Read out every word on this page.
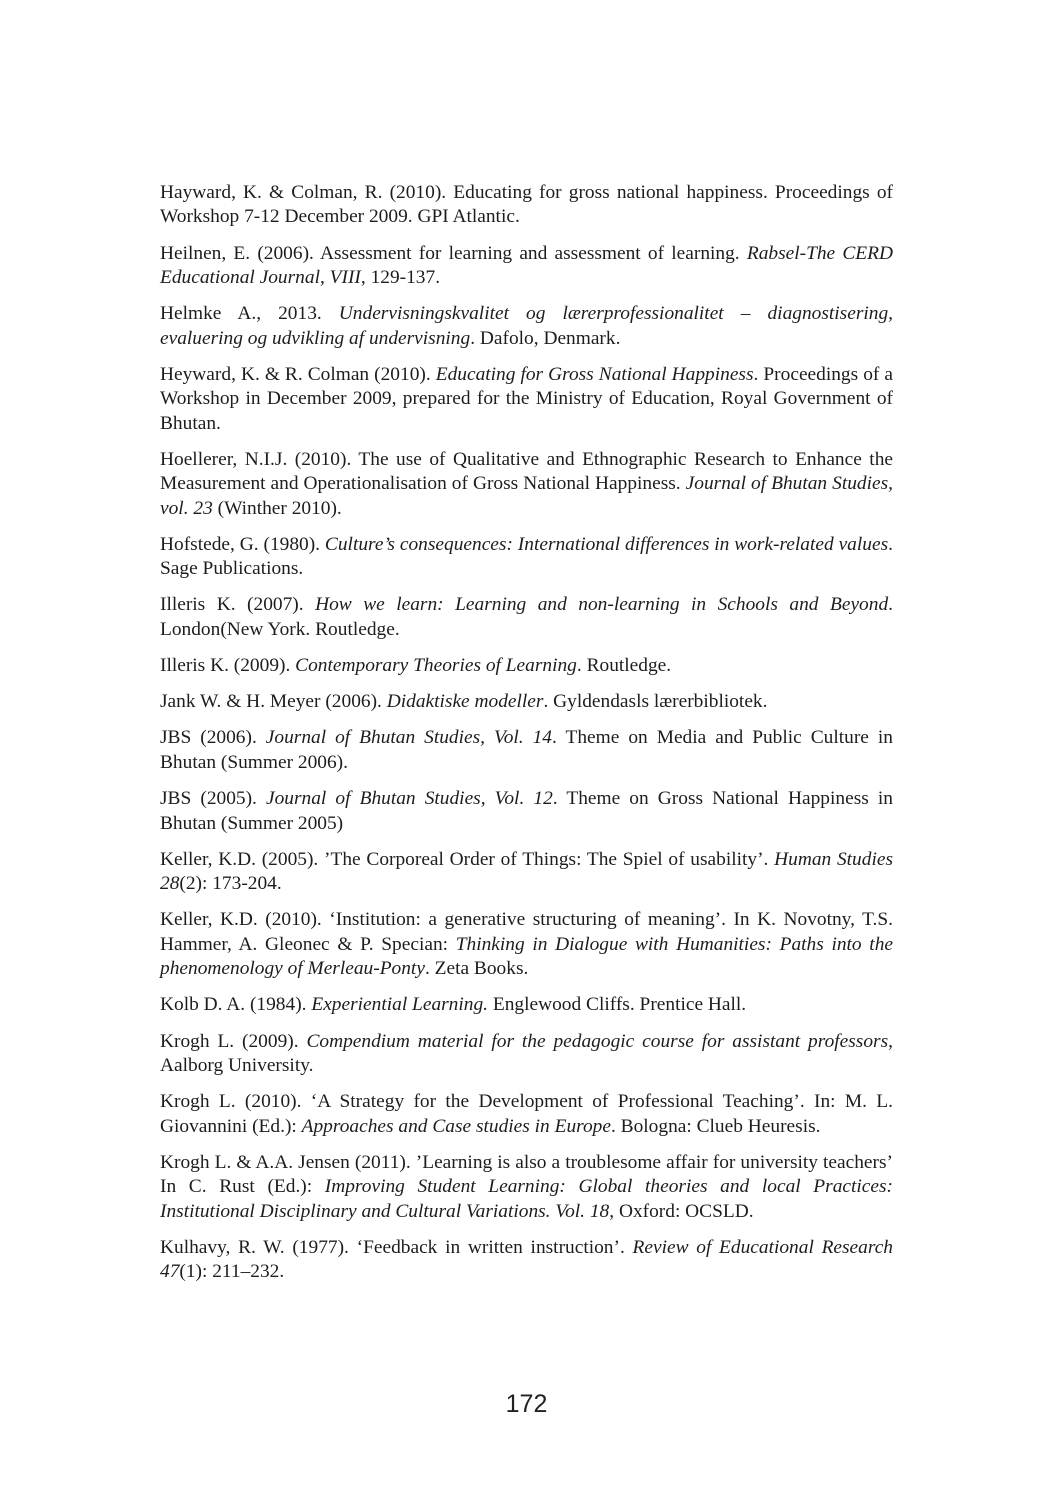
Hayward, K. & Colman, R. (2010). Educating for gross national happiness. Proceedings of Workshop 7-12 December 2009. GPI Atlantic.
Heilnen, E. (2006). Assessment for learning and assessment of learning. Rabsel-The CERD Educational Journal, VIII, 129-137.
Helmke A., 2013. Undervisningskvalitet og lærerprofessionalitet – diagnostisering, evaluering og udvikling af undervisning. Dafolo, Denmark.
Heyward, K. & R. Colman (2010). Educating for Gross National Happiness. Proceedings of a Workshop in December 2009, prepared for the Ministry of Education, Royal Government of Bhutan.
Hoellerer, N.I.J. (2010). The use of Qualitative and Ethnographic Research to Enhance the Measurement and Operationalisation of Gross National Happiness. Journal of Bhutan Studies, vol. 23 (Winther 2010).
Hofstede, G. (1980). Culture’s consequences: International differences in work-related values. Sage Publications.
Illeris K. (2007). How we learn: Learning and non-learning in Schools and Beyond. London(New York. Routledge.
Illeris K. (2009). Contemporary Theories of Learning. Routledge.
Jank W. & H. Meyer (2006). Didaktiske modeller. Gyldendasls lærerbibliotek.
JBS (2006). Journal of Bhutan Studies, Vol. 14. Theme on Media and Public Culture in Bhutan (Summer 2006).
JBS (2005). Journal of Bhutan Studies, Vol. 12. Theme on Gross National Happiness in Bhutan (Summer 2005)
Keller, K.D. (2005). ’The Corporeal Order of Things: The Spiel of usability’. Human Studies 28(2): 173-204.
Keller, K.D. (2010). ‘Institution: a generative structuring of meaning’. In K. Novotny, T.S. Hammer, A. Gleonec & P. Specian: Thinking in Dialogue with Humanities: Paths into the phenomenology of Merleau-Ponty. Zeta Books.
Kolb D. A. (1984). Experiential Learning. Englewood Cliffs. Prentice Hall.
Krogh L. (2009). Compendium material for the pedagogic course for assistant professors, Aalborg University.
Krogh L. (2010). ‘A Strategy for the Development of Professional Teaching’. In: M. L. Giovannini (Ed.): Approaches and Case studies in Europe. Bologna: Clueb Heuresis.
Krogh L. & A.A. Jensen (2011). ’Learning is also a troublesome affair for university teachers’ In C. Rust (Ed.): Improving Student Learning: Global theories and local Practices: Institutional Disciplinary and Cultural Variations. Vol. 18, Oxford: OCSLD.
Kulhavy, R. W. (1977). ‘Feedback in written instruction’. Review of Educational Research 47(1): 211–232.
172
